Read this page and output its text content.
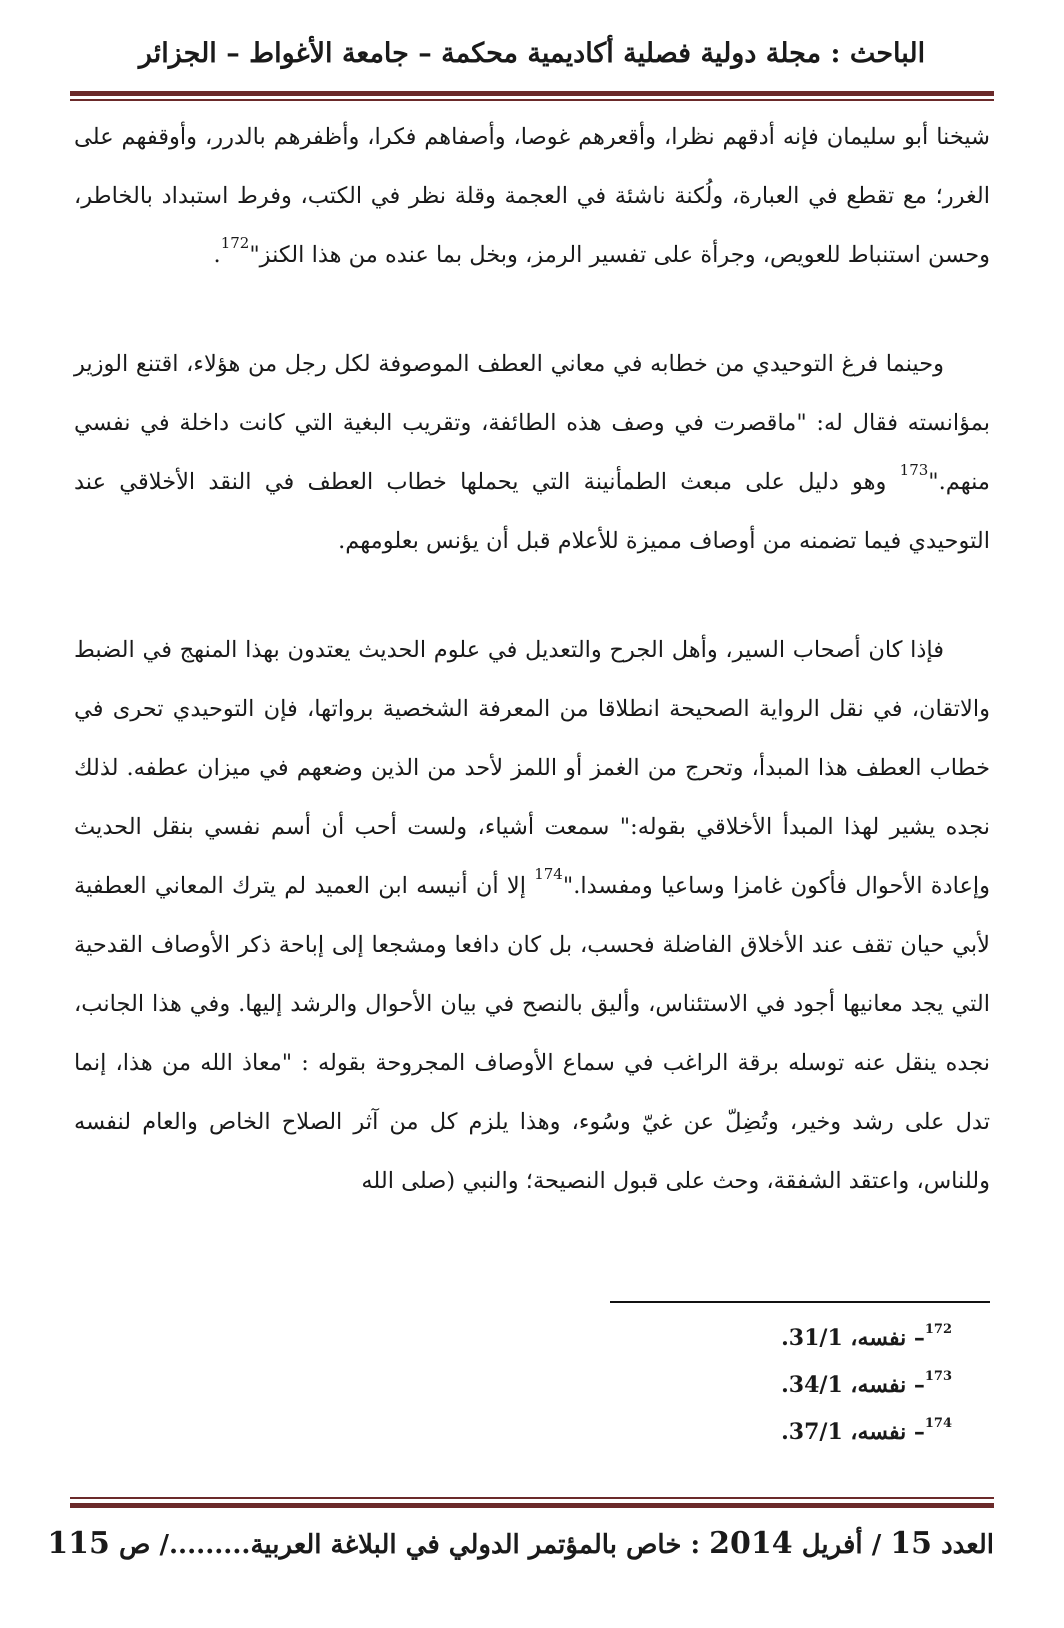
الباحث : مجلة دولية فصلية أكاديمية محكمة – جامعة الأغواط – الجزائر

شيخنا أبو سليمان فإنه أدقهم نظرا، وأقعرهم غوصا، وأصفاهم فكرا، وأظفرهم بالدرر، وأوقفهم على الغرر؛ مع تقطع في العبارة، ولُكنة ناشئة في العجمة وقلة نظر في الكتب، وفرط استبداد بالخاطر، وحسن استنباط للعويص، وجرأة على تفسير الرمز، وبخل بما عنده من هذا الكنز"$^{172}$.

وحينما فرغ التوحيدي من خطابه في معاني العطف الموصوفة لكل رجل من هؤلاء، اقتنع الوزير بمؤانسته فقال له: "ماقصرت في وصف هذه الطائفة، وتقريب البغية التي كانت داخلة في نفسي منهم."$^{173}$ وهو دليل على مبعث الطمأنينة التي يحملها خطاب العطف في النقد الأخلاقي عند التوحيدي فيما تضمنه من أوصاف مميزة للأعلام قبل أن يؤنس بعلومهم.

فإذا كان أصحاب السير، وأهل الجرح والتعديل في علوم الحديث يعتدون بهذا المنهج في الضبط والاتقان، في نقل الرواية الصحيحة انطلاقا من المعرفة الشخصية برواتها، فإن التوحيدي تحرى في خطاب العطف هذا المبدأ، وتحرج من الغمز أو اللمز لأحد من الذين وضعهم في ميزان عطفه. لذلك نجده يشير لهذا المبدأ الأخلاقي بقوله:" سمعت أشياء، ولست أحب أن أسم نفسي بنقل الحديث وإعادة الأحوال فأكون غامزا وساعيا ومفسدا."$^{174}$ إلا أن أنيسه ابن العميد لم يترك المعاني العطفية لأبي حيان تقف عند الأخلاق الفاضلة فحسب، بل كان دافعا ومشجعا إلى إباحة ذكر الأوصاف القدحية التي يجد معانيها أجود في الاستئناس، وأليق بالنصح في بيان الأحوال والرشد إليها. وفي هذا الجانب، نجده ينقل عنه توسله برقة الراغب في سماع الأوصاف المجروحة بقوله : "معاذ الله من هذا، إنما تدل على رشد وخير، وتُضِلّ عن غيّ وسُوء، وهذا يلزم كل من آثر الصلاح الخاص والعام لنفسه وللناس، واعتقد الشفقة، وحث على قبول النصيحة؛ والنبي (صلى الله

$^{172}$– نفسه، 31/1.
$^{173}$– نفسه، 34/1.
$^{174}$– نفسه، 37/1.
العدد 15 / أفريل 2014 : خاص بالمؤتمر الدولي في البلاغة العربية........./ ص 115
